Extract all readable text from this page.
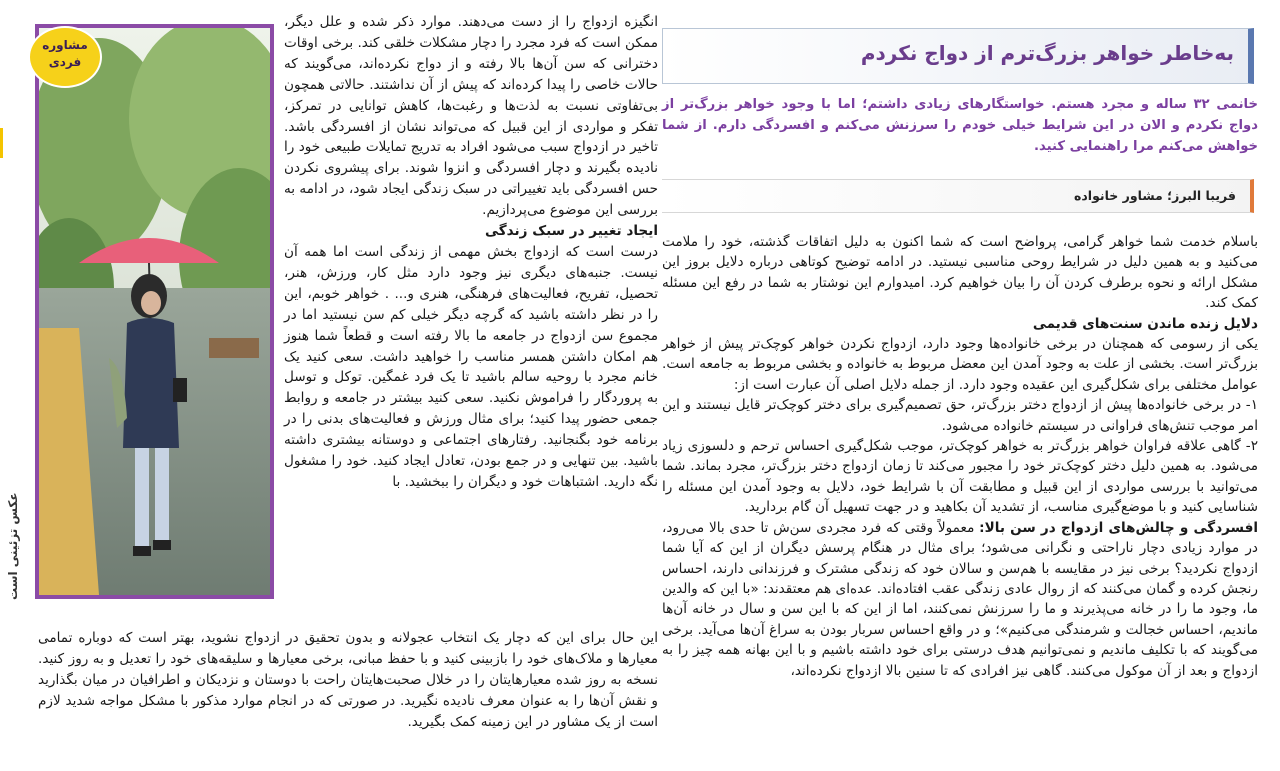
به‌خاطر خواهر بزرگ‌ترم از دواج نکردم
خانمی ۳۲ ساله و مجرد هستم. خواستگارهای زیادی داشتم؛ اما با وجود خواهر بزرگ‌تر از دواج نکردم و الان در این شرایط خیلی خودم را سرزنش می‌کنم و افسردگی دارم. از شما خواهش می‌کنم مرا راهنمایی کنید.
فریبا البرز؛ مشاور خانواده

باسلام خدمت شما خواهر گرامی، پرواضح است که شما اکنون به دلیل اتفاقات گذشته، خود را ملامت می‌کنید و به همین دلیل در شرایط روحی مناسبی نیستید. در ادامه توضیح کوتاهی درباره دلایل بروز این مشکل ارائه و نحوه برطرف کردن آن را بیان خواهیم کرد. امیدوارم این نوشتار به شما در رفع این مسئله کمک کند.

دلایل زنده ماندن سنت‌های قدیمی

یکی از رسومی که همچنان در برخی خانواده‌ها وجود دارد، ازدواج نکردن خواهر کوچک‌تر پیش از خواهر بزرگ‌تر است. بخشی از علت به وجود آمدن این معضل مربوط به خانواده و بخشی مربوط به جامعه است. عوامل مختلفی برای شکل‌گیری این عقیده وجود دارد. از جمله دلایل اصلی آن عبارت است از:

۱- در برخی خانواده‌ها پیش از ازدواج دختر بزرگ‌تر، حق تصمیم‌گیری برای دختر کوچک‌تر قایل نیستند و این امر موجب تنش‌های فراوانی در سیستم خانواده می‌شود.

۲- گاهی علاقه فراوان خواهر بزرگ‌تر به خواهر کوچک‌تر، موجب شکل‌گیری احساس ترحم و دلسوزی زیاد می‌شود. به همین دلیل دختر کوچک‌تر خود را مجبور می‌کند تا زمان ازدواج دختر بزرگ‌تر، مجرد بماند. شما می‌توانید با بررسی مواردی از این قبیل و مطابقت آن با شرایط خود، دلایل به وجود آمدن این مسئله را شناسایی کنید و با موضع‌گیری مناسب، از تشدید آن بکاهید و در جهت تسهیل آن گام بردارید.

افسردگی و چالش‌های ازدواج در سن بالا: معمولاً وقتی که فرد مجردی سن‌ش تا حدی بالا می‌رود، در موارد زیادی دچار ناراحتی و نگرانی می‌شود؛ برای مثال در هنگام پرسش دیگران از این که آیا شما ازدواج نکردید؟ برخی نیز در مقایسه با هم‌سن و سالان خود که زندگی مشترک و فرزندانی دارند، احساس رنجش کرده و گمان می‌کنند که از روال عادی زندگی عقب افتاده‌اند. عده‌ای هم معتقدند: «با این که والدین ما، وجود ما را در خانه می‌پذیرند و ما را سرزنش نمی‌کنند، اما از این که با این سن و سال در خانه آن‌ها ماندیم، احساس خجالت و شرمندگی می‌کنیم»؛ و در واقع احساس سربار بودن به سراغ آن‌ها می‌آید. برخی می‌گویند که با تکلیف ماندیم و نمی‌توانیم هدف درستی برای خود داشته باشیم و با این بهانه همه چیز را به ازدواج و بعد از آن موکول می‌کنند. گاهی نیز افرادی که تا سنین بالا ازدواج نکرده‌اند،

مشاوره
فردی
عکس تزئینی است

انگیزه ازدواج را از دست می‌دهند. موارد ذکر شده و علل دیگر، ممکن است که فرد مجرد را دچار مشکلات خلقی کند. برخی اوقات دخترانی که سن آن‌ها بالا رفته و از دواج نکرده‌اند، می‌گویند که حالات خاصی را پیدا کرده‌اند که پیش از آن نداشتند. حالاتی همچون بی‌تفاوتی نسبت به لذت‌ها و رغبت‌ها، کاهش توانایی در تمرکز، تفکر و مواردی از این قبیل که می‌تواند نشان از افسردگی باشد. تاخیر در ازدواج سبب می‌شود افراد به تدریج تمایلات طبیعی خود را نادیده بگیرند و دچار افسردگی و انزوا شوند. برای پیشروی نکردن حس افسردگی باید تغییراتی در سبک زندگی ایجاد شود، در ادامه به بررسی این موضوع می‌پردازیم.

ایجاد تغییر در سبک زندگی

درست است که ازدواج بخش مهمی از زندگی است اما همه آن نیست. جنبه‌های دیگری نیز وجود دارد مثل کار، ورزش، هنر، تحصیل، تفریح، فعالیت‌های فرهنگی، هنری و... . خواهر خوبم، این را در نظر داشته باشید که گرچه دیگر خیلی کم سن نیستید اما در مجموع سن ازدواج در جامعه ما بالا رفته است و قطعاً شما هنوز هم امکان داشتن همسر مناسب را خواهید داشت. سعی کنید یک خانم مجرد با روحیه سالم باشید تا یک فرد غمگین. توکل و توسل به پروردگار را فراموش نکنید. سعی کنید بیشتر در جامعه و روابط جمعی حضور پیدا کنید؛ برای مثال ورزش و فعالیت‌های بدنی را در برنامه خود بگنجانید. رفتارهای اجتماعی و دوستانه بیشتری داشته باشید. بین تنهایی و در جمع بودن، تعادل ایجاد کنید. خود را مشغول نگه دارید. اشتباهات خود و دیگران را ببخشید. با

این حال برای این که دچار یک انتخاب عجولانه و بدون تحقیق در ازدواج نشوید، بهتر است که دوباره تمامی معیارها و ملاک‌های خود را بازبینی کنید و با حفظ مبانی، برخی معیارها و سلیقه‌های خود را تعدیل و به روز کنید. نسخه به روز شده معیارهایتان را در خلال صحبت‌هایتان راحت با دوستان و نزدیکان و اطرافیان در میان بگذارید و نقش آن‌ها را به عنوان معرف نادیده نگیرید. در صورتی که در انجام موارد مذکور با مشکل مواجه شدید لازم است از یک مشاور در این زمینه کمک بگیرید.
